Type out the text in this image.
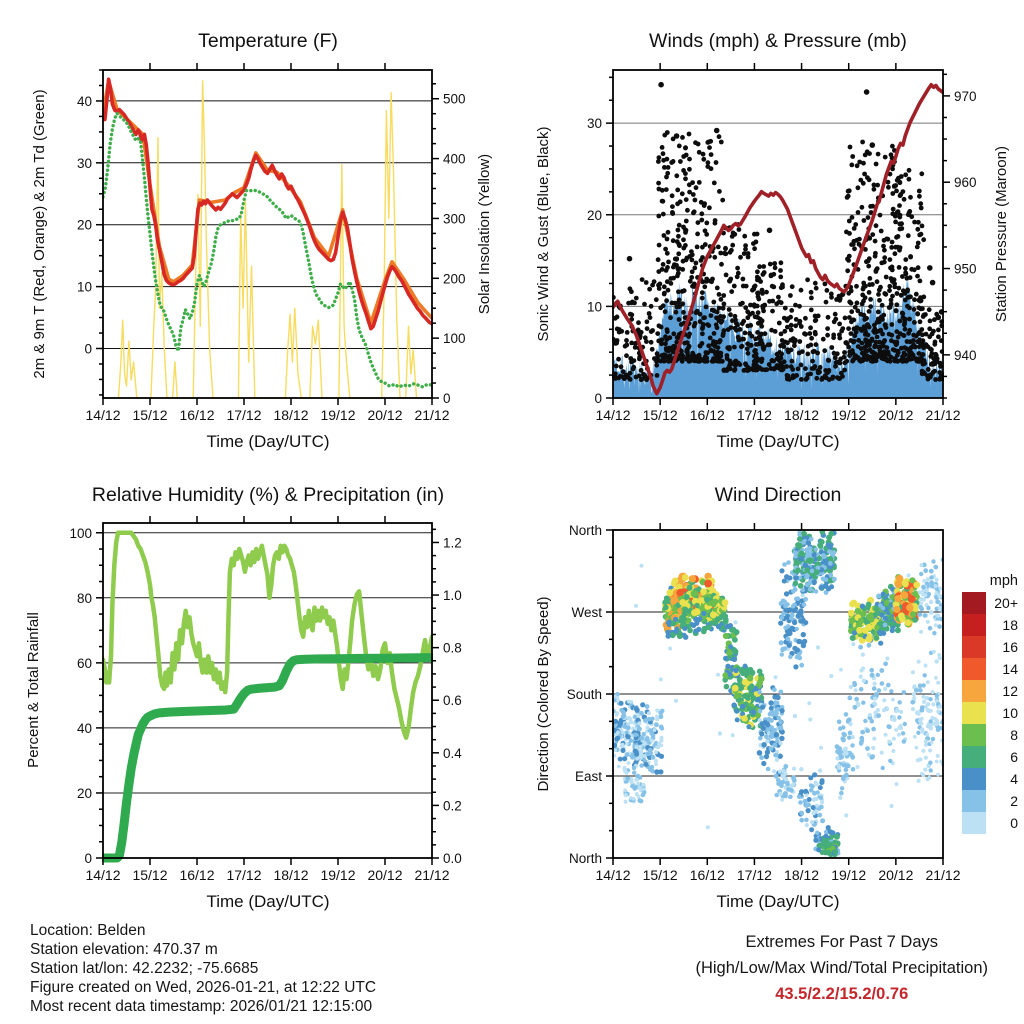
14/12 15/12 16/12 17/12 18/12 19/12 20/12 21/12
0
10
20
30
40
0
100
200
300
400
500
Temperature (F)
Time (Day/UTC)
2m & 9m T (Red, Orange) & 2m Td (Green)	Solar Insolation (Yellow)
14/12 15/12 16/12 17/12 18/12 19/12 20/12 21/12
0
10
20
30
940
950
960
970
Winds (mph) & Pressure (mb)
Time (Day/UTC)
Sonic Wind & Gust (Blue, Black)	Station Pressure (Maroon)
14/12 15/12 16/12 17/12 18/12 19/12 20/12 21/12
0
20
40
60
80
100
0.0
0.2
0.4
0.6
0.8
1.0
1.2
Relative Humidity (%) & Precipitation (in)
Time (Day/UTC)
Percent & Total Rainfall
14/12 15/12 16/12 17/12 18/12 19/12 20/12 21/12
North
East
South
West
North
Wind Direction
Time (Day/UTC)
Direction (Colored By Speed)
mph
20+
18
16
14
12
10
8
6
4
2
0
Location: Belden
Station elevation: 470.37 m
Station lat/lon: 42.2232; -75.6685
Figure created on Wed, 2026-01-21, at 12:22 UTC
Most recent data timestamp: 2026/01/21 12:15:00
Extremes For Past 7 Days
(High/Low/Max Wind/Total Precipitation)
43.5/2.2/15.2/0.76
